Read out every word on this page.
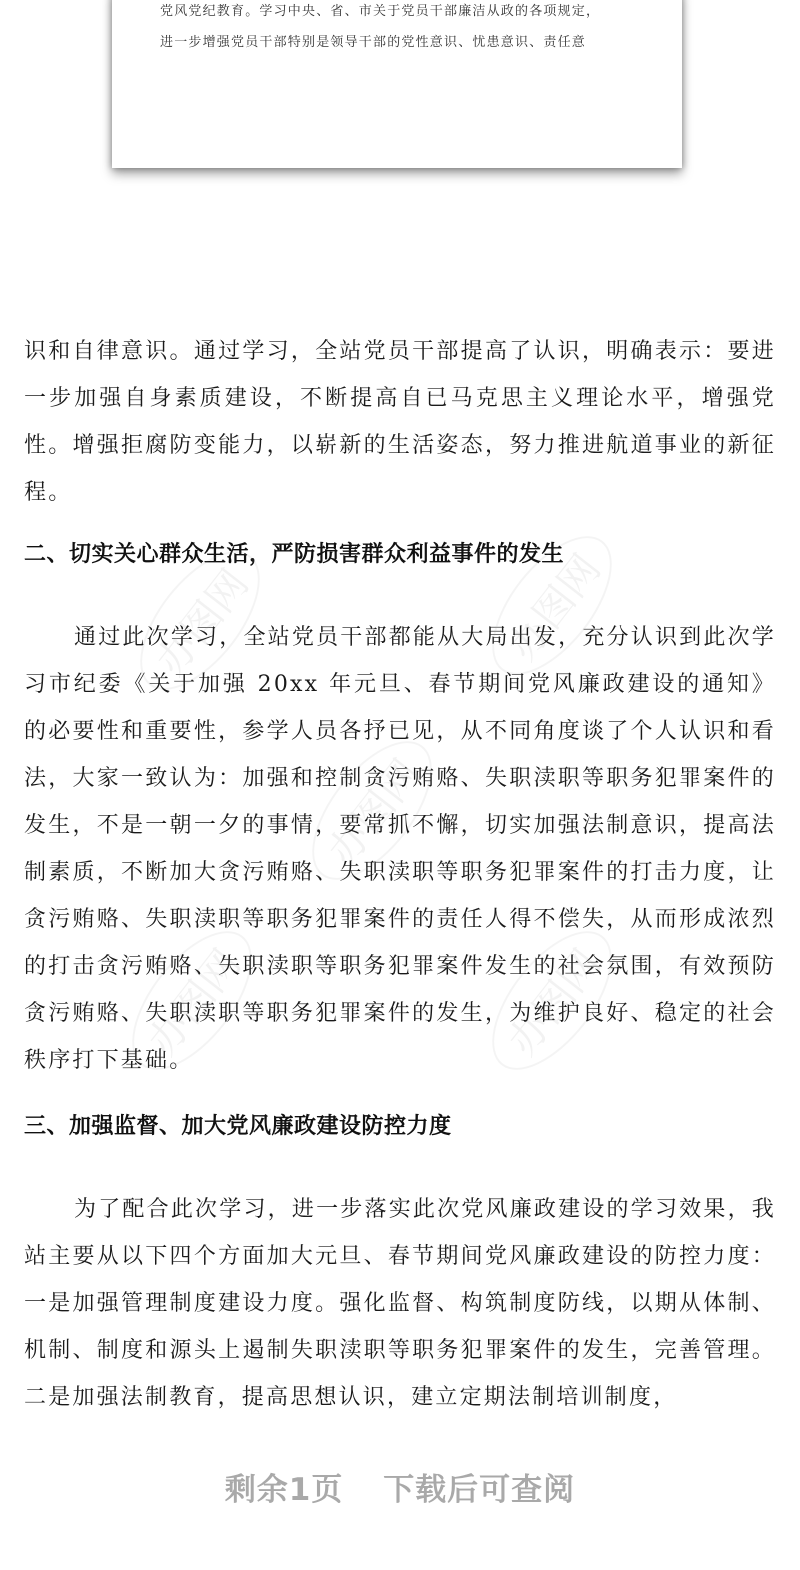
党风党纪教育。学习中央、省、市关于党员干部廉洁从政的各项规定，
进一步增强党员干部特别是领导干部的党性意识、忧患意识、责任意

识和自律意识。通过学习，全站党员干部提高了认识，明确表示：要进一步加强自身素质建设，不断提高自已马克思主义理论水平，增强党性。增强拒腐防变能力，以崭新的生活姿态，努力推进航道事业的新征程。

二、切实关心群众生活，严防损害群众利益事件的发生

通过此次学习，全站党员干部都能从大局出发，充分认识到此次学习市纪委《关于加强 20xx 年元旦、春节期间党风廉政建设的通知》的必要性和重要性，参学人员各抒已见，从不同角度谈了个人认识和看法，大家一致认为：加强和控制贪污贿赂、失职渎职等职务犯罪案件的发生，不是一朝一夕的事情，要常抓不懈，切实加强法制意识，提高法制素质，不断加大贪污贿赂、失职渎职等职务犯罪案件的打击力度，让贪污贿赂、失职渎职等职务犯罪案件的责任人得不偿失，从而形成浓烈的打击贪污贿赂、失职渎职等职务犯罪案件发生的社会氛围，有效预防贪污贿赂、失职渎职等职务犯罪案件的发生，为维护良好、稳定的社会秩序打下基础。

三、加强监督、加大党风廉政建设防控力度

为了配合此次学习，进一步落实此次党风廉政建设的学习效果，我站主要从以下四个方面加大元旦、春节期间党风廉政建设的防控力度：一是加强管理制度建设力度。强化监督、构筑制度防线，以期从体制、机制、制度和源头上遏制失职渎职等职务犯罪案件的发生，完善管理。二是加强法制教育，提高思想认识，建立定期法制培训制度，

办图网	办图网
办图网
办图网	办图网
剩余1页 下载后可查阅
